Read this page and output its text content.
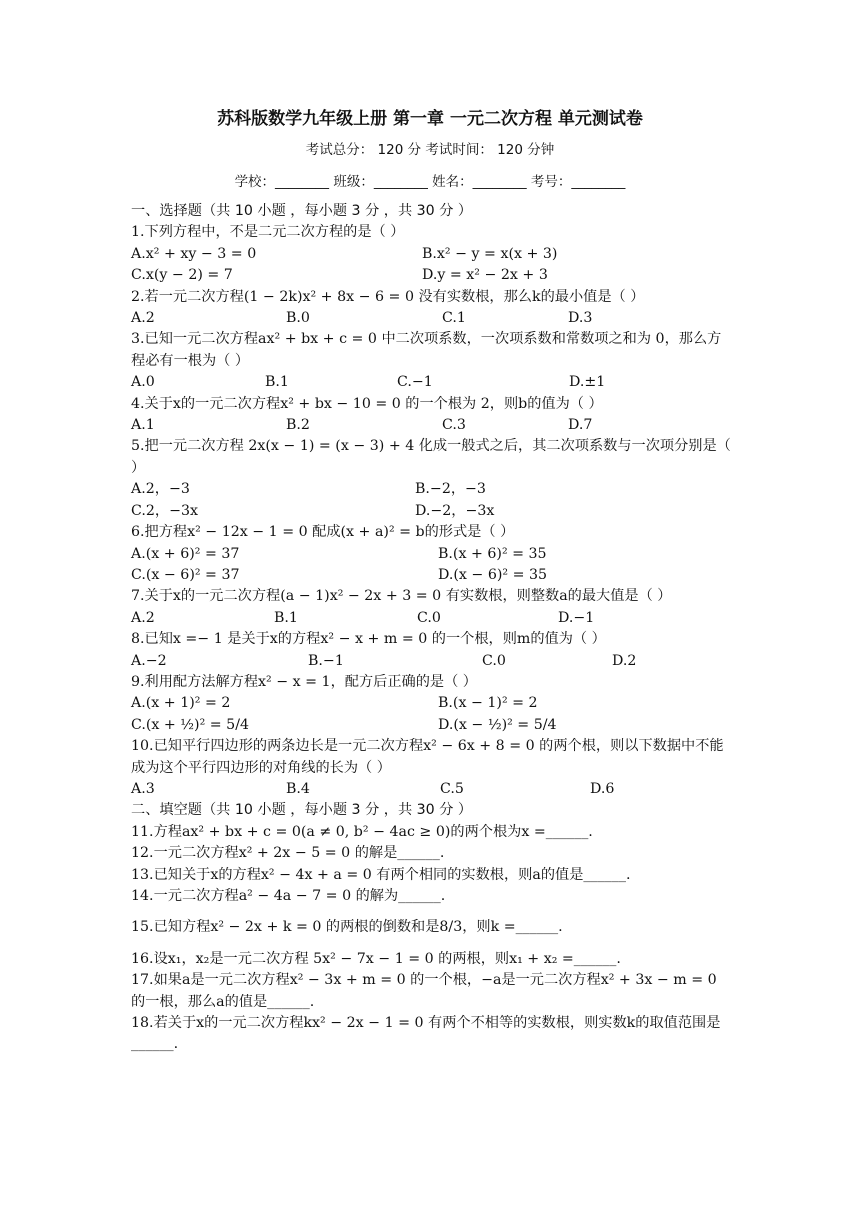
苏科版数学九年级上册 第一章 一元二次方程 单元测试卷
考试总分： 120 分 考试时间： 120 分钟
学校：________ 班级：________ 姓名：________ 考号：________
一、选择题（共 10 小题 ，每小题 3 分 ，共 30 分 ）
1.下列方程中，不是二元二次方程的是（ ）
A.x² + xy − 3 = 0	B.x² − y = x(x + 3)
C.x(y − 2) = 7	D.y = x² − 2x + 3
2.若一元二次方程(1 − 2k)x² + 8x − 6 = 0 没有实数根，那么k的最小值是（ ）
A.2	B.0	C.1	D.3
3.已知一元二次方程ax² + bx + c = 0 中二次项系数，一次项系数和常数项之和为 0，那么方程必有一根为（ ）
A.0	B.1	C.−1	D.±1
4.关于x的一元二次方程x² + bx − 10 = 0 的一个根为 2，则b的值为（ ）
A.1	B.2	C.3	D.7
5.把一元二次方程 2x(x − 1) = (x − 3) + 4 化成一般式之后，其二次项系数与一次项分别是（ ）
A.2，−3	B.−2，−3
C.2，−3x	D.−2，−3x
6.把方程x² − 12x − 1 = 0 配成(x + a)² = b的形式是（ ）
A.(x + 6)² = 37	B.(x + 6)² = 35
C.(x − 6)² = 37	D.(x − 6)² = 35
7.关于x的一元二次方程(a − 1)x² − 2x + 3 = 0 有实数根，则整数a的最大值是（ ）
A.2	B.1	C.0	D.−1
8.已知x =− 1 是关于x的方程x² − x + m = 0 的一个根，则m的值为（ ）
A.−2	B.−1	C.0	D.2
9.利用配方法解方程x² − x = 1，配方后正确的是（ ）
A.(x + 1)² = 2	B.(x − 1)² = 2
C.(x + ½)² = 5/4	D.(x − ½)² = 5/4
10.已知平行四边形的两条边长是一元二次方程x² − 6x + 8 = 0 的两个根，则以下数据中不能成为这个平行四边形的对角线的长为（ ）
A.3	B.4	C.5	D.6
二、填空题（共 10 小题 ，每小题 3 分 ，共 30 分 ）
11.方程ax² + bx + c = 0(a ≠ 0, b² − 4ac ≥ 0)的两个根为x =______.
12.一元二次方程x² + 2x − 5 = 0 的解是______.
13.已知关于x的方程x² − 4x + a = 0 有两个相同的实数根，则a的值是______.
14.一元二次方程a² − 4a − 7 = 0 的解为______.
15.已知方程x² − 2x + k = 0 的两根的倒数和是8/3，则k =______.
16.设x₁，x₂是一元二次方程 5x² − 7x − 1 = 0 的两根，则x₁ + x₂ =______.
17.如果a是一元二次方程x² − 3x + m = 0 的一个根，−a是一元二次方程x² + 3x − m = 0 的一根，那么a的值是______.
18.若关于x的一元二次方程kx² − 2x − 1 = 0 有两个不相等的实数根，则实数k的取值范围是______.
